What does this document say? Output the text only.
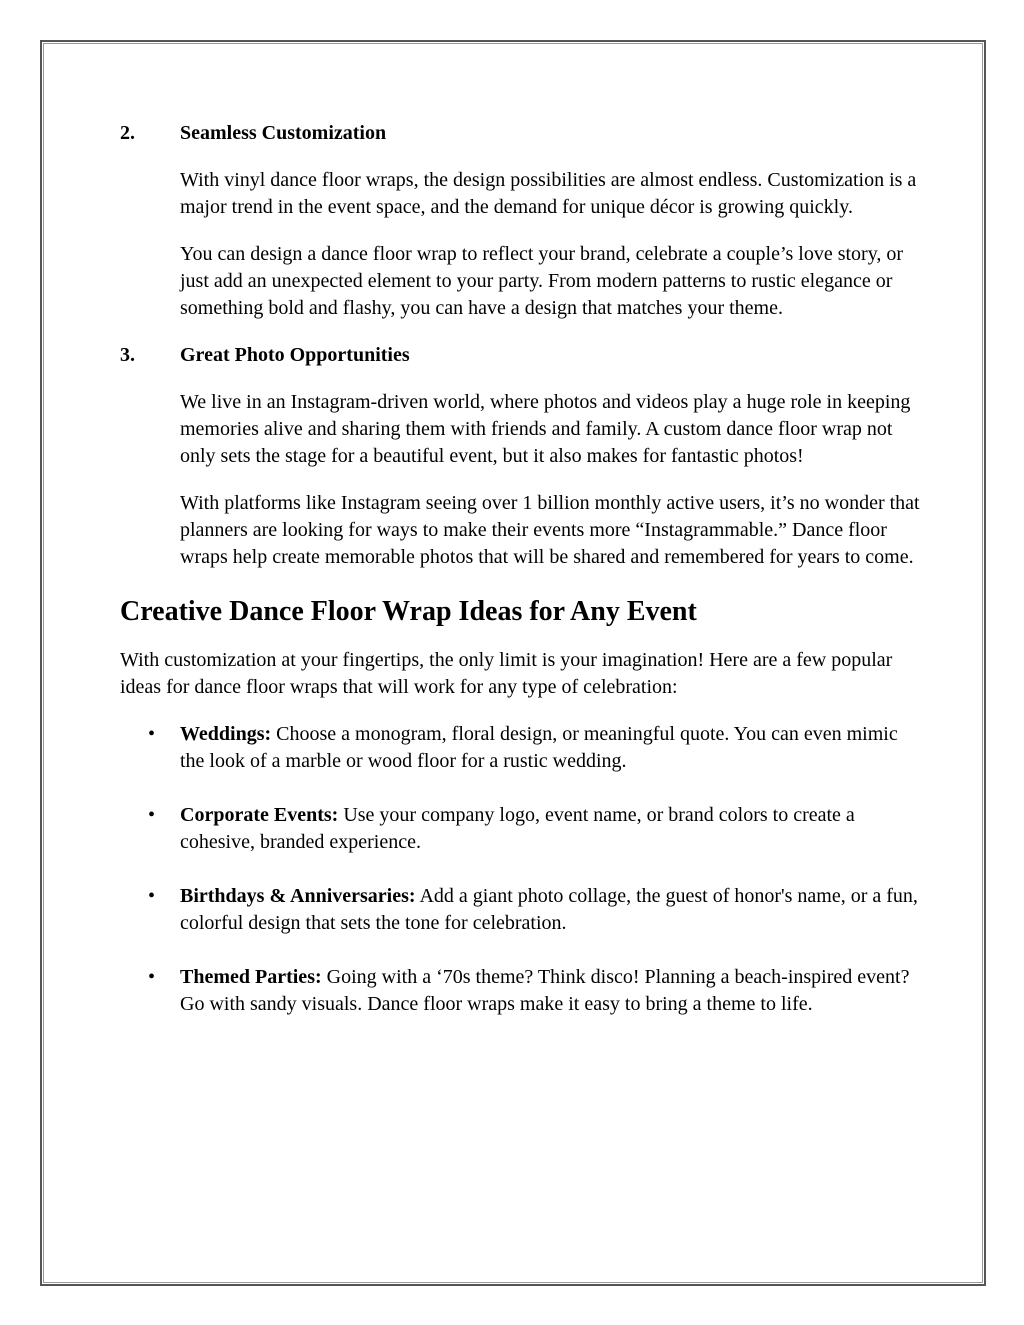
2.	Seamless Customization

With vinyl dance floor wraps, the design possibilities are almost endless. Customization is a major trend in the event space, and the demand for unique décor is growing quickly.

You can design a dance floor wrap to reflect your brand, celebrate a couple’s love story, or just add an unexpected element to your party. From modern patterns to rustic elegance or something bold and flashy, you can have a design that matches your theme.

3.	Great Photo Opportunities

We live in an Instagram-driven world, where photos and videos play a huge role in keeping memories alive and sharing them with friends and family. A custom dance floor wrap not only sets the stage for a beautiful event, but it also makes for fantastic photos!

With platforms like Instagram seeing over 1 billion monthly active users, it’s no wonder that planners are looking for ways to make their events more “Instagrammable.” Dance floor wraps help create memorable photos that will be shared and remembered for years to come.

Creative Dance Floor Wrap Ideas for Any Event

With customization at your fingertips, the only limit is your imagination! Here are a few popular ideas for dance floor wraps that will work for any type of celebration:

•	Weddings: Choose a monogram, floral design, or meaningful quote. You can even mimic the look of a marble or wood floor for a rustic wedding.
•	Corporate Events: Use your company logo, event name, or brand colors to create a cohesive, branded experience.
•	Birthdays & Anniversaries: Add a giant photo collage, the guest of honor's name, or a fun, colorful design that sets the tone for celebration.
•	Themed Parties: Going with a ‘70s theme? Think disco! Planning a beach-inspired event? Go with sandy visuals. Dance floor wraps make it easy to bring a theme to life.
